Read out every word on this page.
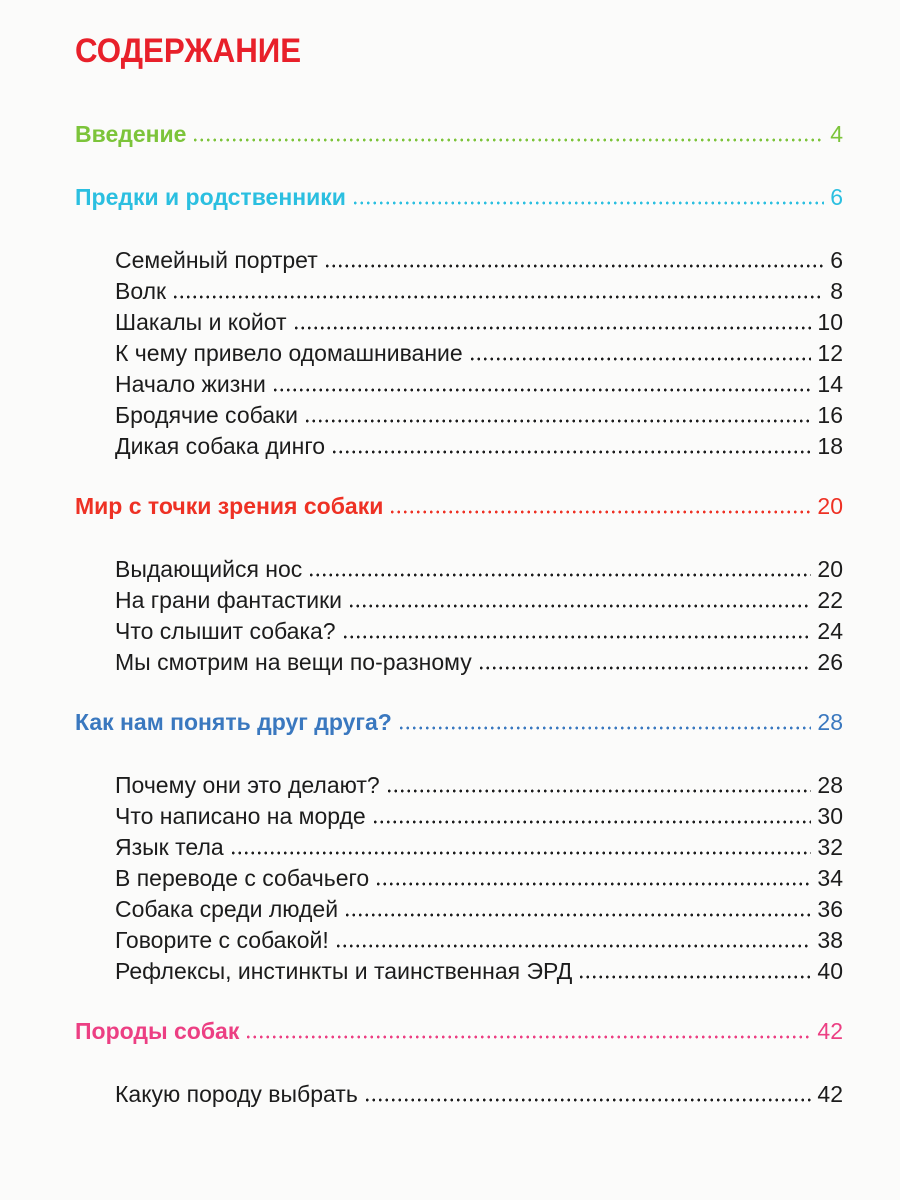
СОДЕРЖАНИЕ
Введение	4
Предки и родственники	6
Семейный портрет	6
Волк	8
Шакалы и койот	10
К чему привело одомашнивание	12
Начало жизни	14
Бродячие собаки	16
Дикая собака динго	18
Мир с точки зрения собаки	20
Выдающийся нос	20
На грани фантастики	22
Что слышит собака?	24
Мы смотрим на вещи по-разному	26
Как нам понять друг друга?	28
Почему они это делают?	28
Что написано на морде	30
Язык тела	32
В переводе с собачьего	34
Собака среди людей	36
Говорите с собакой!	38
Рефлексы, инстинкты и таинственная ЭРД	40
Породы собак	42
Какую породу выбрать	42
